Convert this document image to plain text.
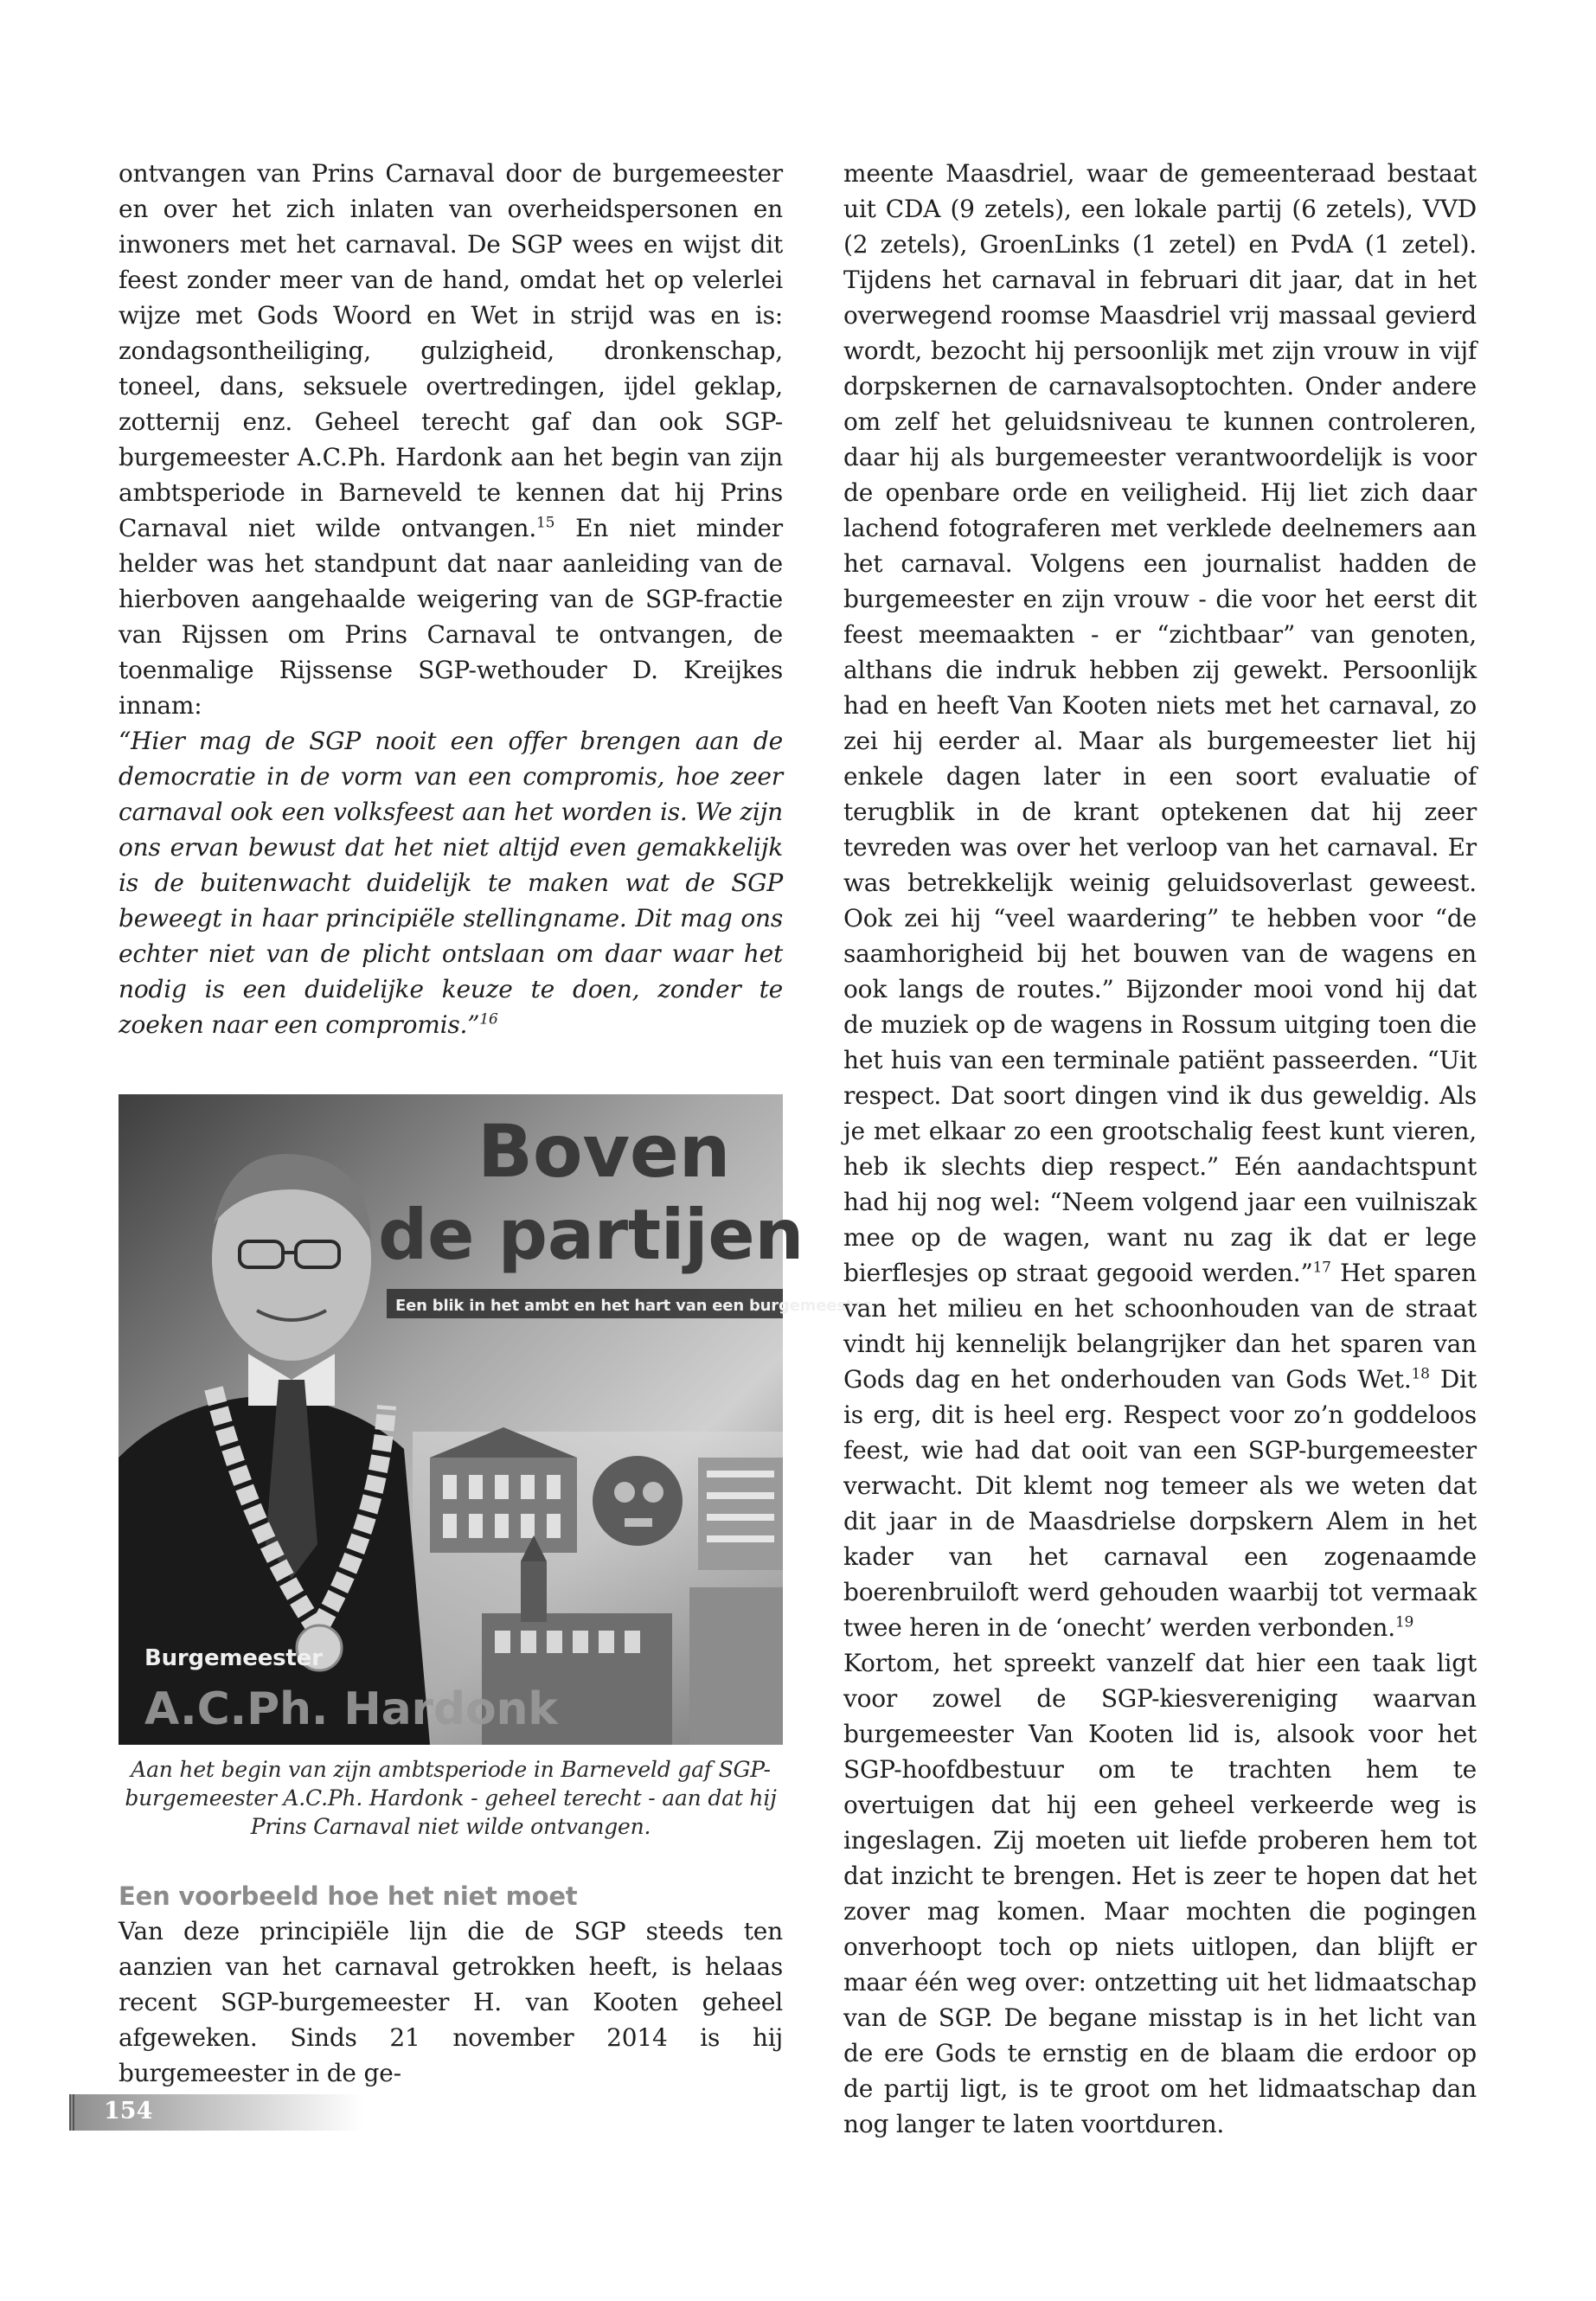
ontvangen van Prins Carnaval door de burgemeester en over het zich inlaten van overheidspersonen en inwoners met het carnaval. De SGP wees en wijst dit feest zonder meer van de hand, omdat het op velerlei wijze met Gods Woord en Wet in strijd was en is: zondagsontheiliging, gulzigheid, dronkenschap, toneel, dans, seksuele overtredingen, ijdel geklap, zotternij enz. Geheel terecht gaf dan ook SGP-burgemeester A.C.Ph. Hardonk aan het begin van zijn ambtsperiode in Barneveld te kennen dat hij Prins Carnaval niet wilde ontvangen.$^{15}$ En niet minder helder was het standpunt dat naar aanleiding van de hierboven aangehaalde weigering van de SGP-fractie van Rijssen om Prins Carnaval te ontvangen, de toenmalige Rijssense SGP-wethouder D. Kreijkes innam:

“Hier mag de SGP nooit een offer brengen aan de democratie in de vorm van een compromis, hoe zeer carnaval ook een volksfeest aan het worden is. We zijn ons ervan bewust dat het niet altijd even gemakkelijk is de buitenwacht duidelijk te maken wat de SGP beweegt in haar principiële stellingname. Dit mag ons echter niet van de plicht ontslaan om daar waar het nodig is een duidelijke keuze te doen, zonder te zoeken naar een compromis.”$^{16}$

Boven
de partijen
Een blik in het ambt en het hart van een burgemeester
Burgemeester
A.C.Ph. Hardonk
Aan het begin van zijn ambtsperiode in Barneveld gaf SGP-burgemeester A.C.Ph. Hardonk - geheel terecht - aan dat hij Prins Carnaval niet wilde ontvangen.
Een voorbeeld hoe het niet moet

Van deze principiële lijn die de SGP steeds ten aanzien van het carnaval getrokken heeft, is helaas recent SGP-burgemeester H. van Kooten geheel afgeweken. Sinds 21 november 2014 is hij burgemeester in de ge-

meente Maasdriel, waar de gemeenteraad bestaat uit CDA (9 zetels), een lokale partij (6 zetels), VVD (2 zetels), GroenLinks (1 zetel) en PvdA (1 zetel). Tijdens het carnaval in februari dit jaar, dat in het overwegend roomse Maasdriel vrij massaal gevierd wordt, bezocht hij persoonlijk met zijn vrouw in vijf dorpskernen de carnavalsoptochten. Onder andere om zelf het geluidsniveau te kunnen controleren, daar hij als burgemeester verantwoordelijk is voor de openbare orde en veiligheid. Hij liet zich daar lachend fotograferen met verklede deelnemers aan het carnaval. Volgens een journalist hadden de burgemeester en zijn vrouw - die voor het eerst dit feest meemaakten - er “zichtbaar” van genoten, althans die indruk hebben zij gewekt. Persoonlijk had en heeft Van Kooten niets met het carnaval, zo zei hij eerder al. Maar als burgemeester liet hij enkele dagen later in een soort evaluatie of terugblik in de krant optekenen dat hij zeer tevreden was over het verloop van het carnaval. Er was betrekkelijk weinig geluidsoverlast geweest. Ook zei hij “veel waardering” te hebben voor “de saamhorigheid bij het bouwen van de wagens en ook langs de routes.” Bijzonder mooi vond hij dat de muziek op de wagens in Rossum uitging toen die het huis van een terminale patiënt passeerden. “Uit respect. Dat soort dingen vind ik dus geweldig. Als je met elkaar zo een grootschalig feest kunt vieren, heb ik slechts diep respect.” Eén aandachtspunt had hij nog wel: “Neem volgend jaar een vuilniszak mee op de wagen, want nu zag ik dat er lege bierflesjes op straat gegooid werden.”$^{17}$ Het sparen van het milieu en het schoonhouden van de straat vindt hij kennelijk belangrijker dan het sparen van Gods dag en het onderhouden van Gods Wet.$^{18}$ Dit is erg, dit is heel erg. Respect voor zo’n goddeloos feest, wie had dat ooit van een SGP-burgemeester verwacht. Dit klemt nog temeer als we weten dat dit jaar in de Maasdrielse dorpskern Alem in het kader van het carnaval een zogenaamde boerenbruiloft werd gehouden waarbij tot vermaak twee heren in de ‘onecht’ werden verbonden.$^{19}$

Kortom, het spreekt vanzelf dat hier een taak ligt voor zowel de SGP-kiesvereniging waarvan burgemeester Van Kooten lid is, alsook voor het SGP-hoofdbestuur om te trachten hem te overtuigen dat hij een geheel verkeerde weg is ingeslagen. Zij moeten uit liefde proberen hem tot dat inzicht te brengen. Het is zeer te hopen dat het zover mag komen. Maar mochten die pogingen onverhoopt toch op niets uitlopen, dan blijft er maar één weg over: ontzetting uit het lidmaatschap van de SGP. De begane misstap is in het licht van de ere Gods te ernstig en de blaam die erdoor op de partij ligt, is te groot om het lidmaatschap dan nog langer te laten voortduren.

154
